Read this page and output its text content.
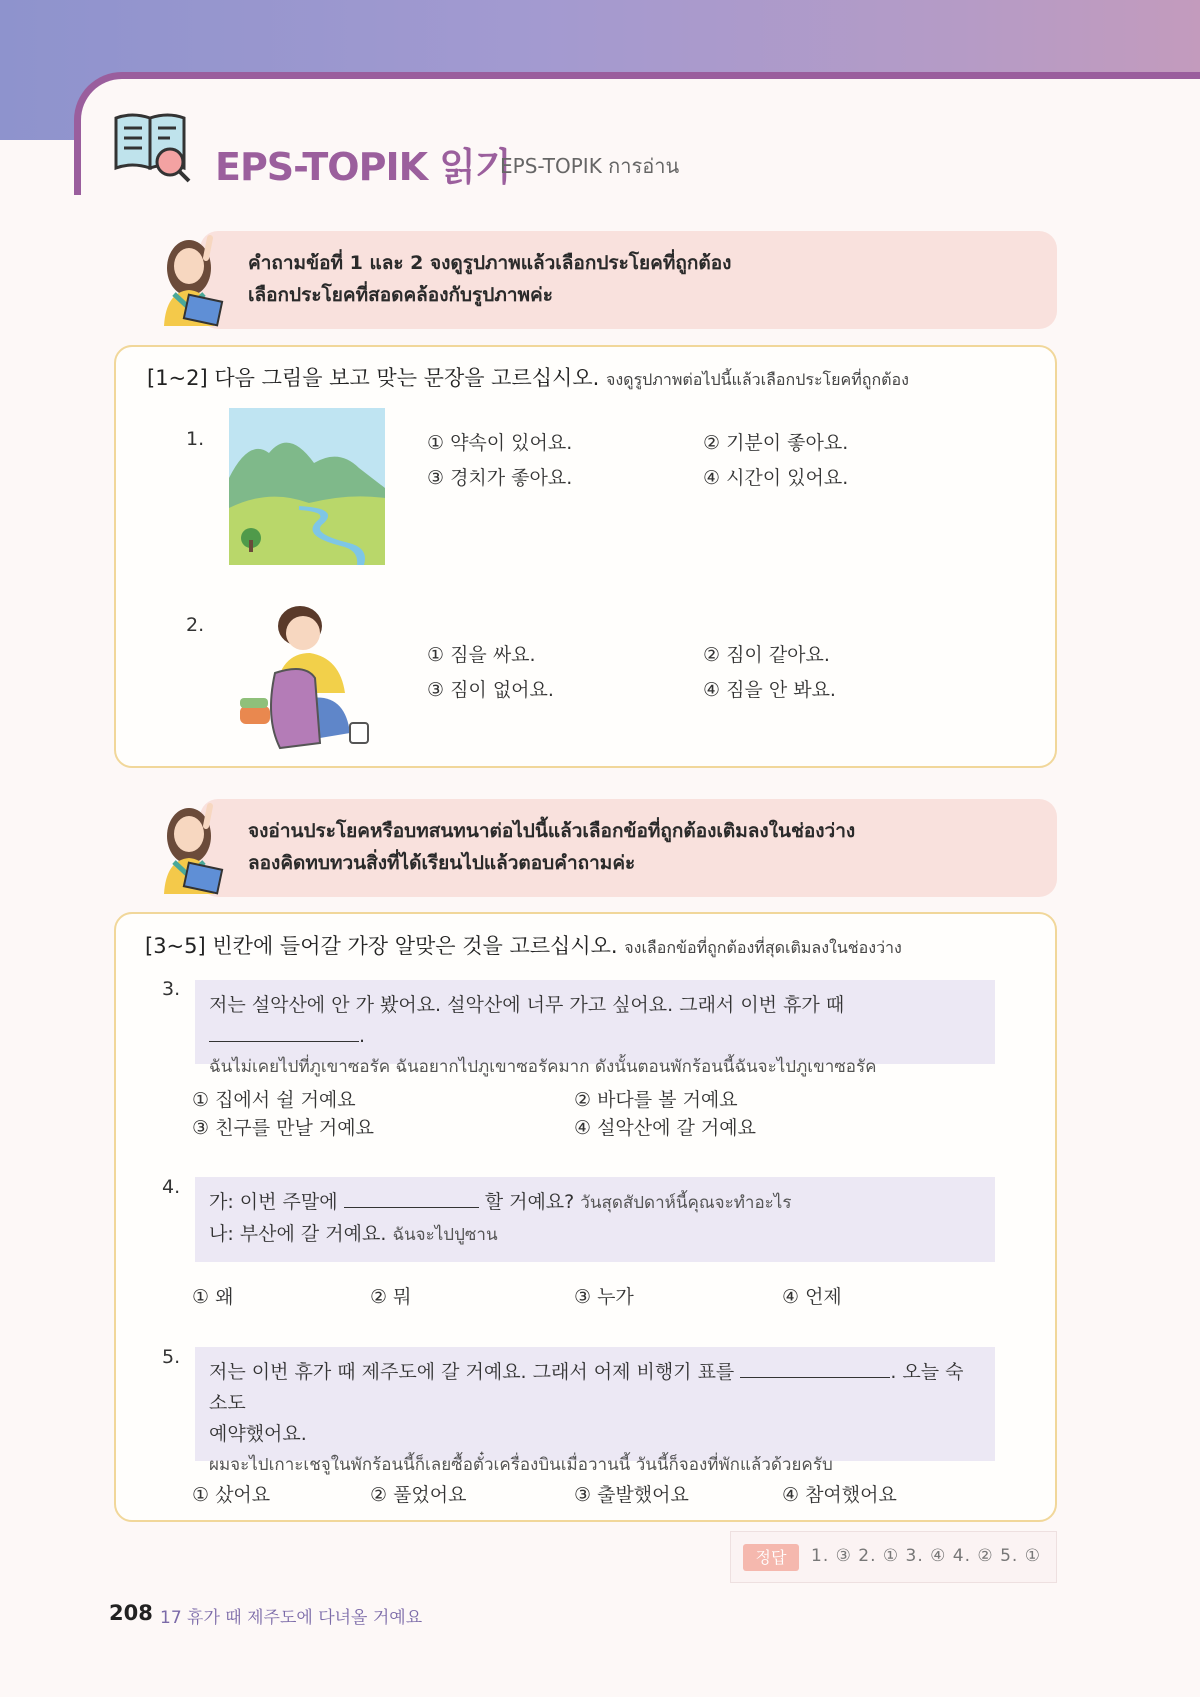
EPS-TOPIK 읽기
EPS-TOPIK การอ่าน
คำถามข้อที่ 1 และ 2 จงดูรูปภาพแล้วเลือกประโยคที่ถูกต้อง
เลือกประโยคที่สอดคล้องกับรูปภาพค่ะ
[1~2] 다음 그림을 보고 맞는 문장을 고르십시오. จงดูรูปภาพต่อไปนี้แล้วเลือกประโยคที่ถูกต้อง
1.	① 약속이 있어요.	② 기분이 좋아요.
③ 경치가 좋아요.	④ 시간이 있어요.
2.
① 짐을 싸요.	② 짐이 같아요.
③ 짐이 없어요.	④ 짐을 안 봐요.
จงอ่านประโยคหรือบทสนทนาต่อไปนี้แล้วเลือกข้อที่ถูกต้องเติมลงในช่องว่าง
ลองคิดทบทวนสิ่งที่ได้เรียนไปแล้วตอบคำถามค่ะ
[3~5] 빈칸에 들어갈 가장 알맞은 것을 고르십시오. จงเลือกข้อที่ถูกต้องที่สุดเติมลงในช่องว่าง
3.
저는 설악산에 안 가 봤어요. 설악산에 너무 가고 싶어요. 그래서 이번 휴가 때 .
ฉันไม่เคยไปที่ภูเขาซอรัค ฉันอยากไปภูเขาซอรัคมาก ดังนั้นตอนพักร้อนนี้ฉันจะไปภูเขาซอรัค
① 집에서 쉴 거예요	② 바다를 볼 거예요
③ 친구를 만날 거예요	④ 설악산에 갈 거예요
4.
가: 이번 주말에	할 거예요? วันสุดสัปดาห์นี้คุณจะทำอะไร
나: 부산에 갈 거예요. ฉันจะไปปูซาน
① 왜	② 뭐	③ 누가	④ 언제
5.
저는 이번 휴가 때 제주도에 갈 거예요. 그래서 어제 비행기 표를	. 오늘 숙소도
예약했어요.
ผมจะไปเกาะเชจูในพักร้อนนี้ก็เลยซื้อตั๋วเครื่องบินเมื่อวานนี้ วันนี้ก็จองที่พักแล้วด้วยครับ
① 샀어요	② 풀었어요	③ 출발했어요	④ 참여했어요
정답	1. ③ 2. ① 3. ④ 4. ② 5. ①
208 17 휴가 때 제주도에 다녀올 거예요
